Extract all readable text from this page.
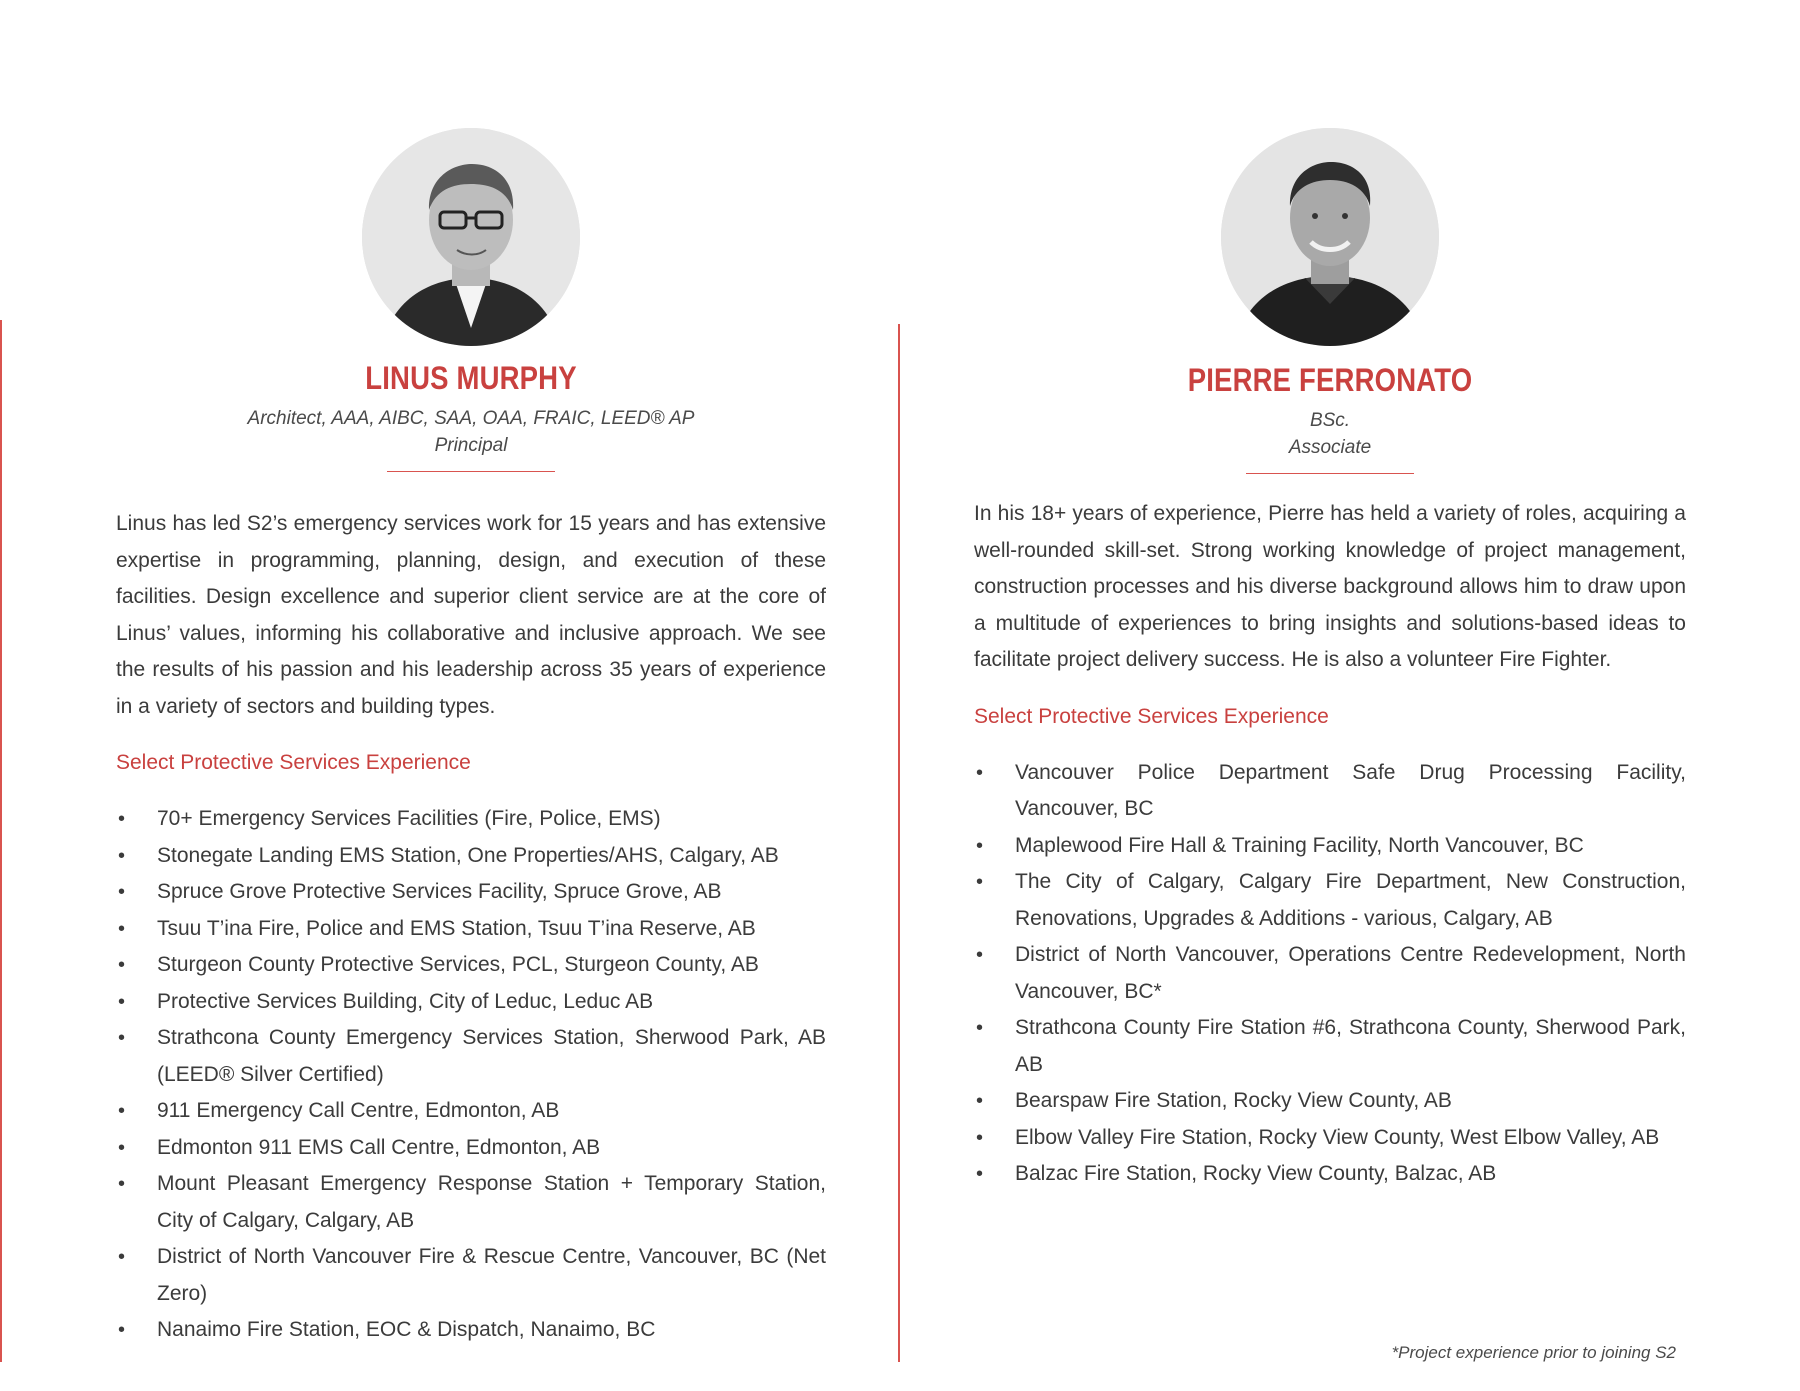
LINUS MURPHY
Architect, AAA, AIBC, SAA, OAA, FRAIC, LEED® AP
Principal
Linus has led S2’s emergency services work for 15 years and has extensive expertise in programming, planning, design, and execution of these facilities. Design excellence and superior client service are at the core of Linus’ values, informing his collaborative and inclusive approach. We see the results of his passion and his leadership across 35 years of experience in a variety of sectors and building types.
Select Protective Services Experience
• 70+ Emergency Services Facilities (Fire, Police, EMS)
• Stonegate Landing EMS Station, One Properties/AHS, Calgary, AB
• Spruce Grove Protective Services Facility, Spruce Grove, AB
• Tsuu T’ina Fire, Police and EMS Station, Tsuu T’ina Reserve, AB
• Sturgeon County Protective Services, PCL, Sturgeon County, AB
• Protective Services Building, City of Leduc, Leduc AB
• Strathcona County Emergency Services Station, Sherwood Park, AB (LEED® Silver Certified)
• 911 Emergency Call Centre, Edmonton, AB
• Edmonton 911 EMS Call Centre, Edmonton, AB
• Mount Pleasant Emergency Response Station + Temporary Station, City of Calgary, Calgary, AB
• District of North Vancouver Fire & Rescue Centre, Vancouver, BC (Net Zero)
• Nanaimo Fire Station, EOC & Dispatch, Nanaimo, BC
PIERRE FERRONATO
BSc.
Associate
In his 18+ years of experience, Pierre has held a variety of roles, acquiring a well-rounded skill-set. Strong working knowledge of project management, construction processes and his diverse background allows him to draw upon a multitude of experiences to bring insights and solutions-based ideas to facilitate project delivery success. He is also a volunteer Fire Fighter.
Select Protective Services Experience
• Vancouver Police Department Safe Drug Processing Facility, Vancouver, BC
• Maplewood Fire Hall & Training Facility, North Vancouver, BC
• The City of Calgary, Calgary Fire Department, New Construction, Renovations, Upgrades & Additions - various, Calgary, AB
• District of North Vancouver, Operations Centre Redevelopment, North Vancouver, BC*
• Strathcona County Fire Station #6, Strathcona County, Sherwood Park, AB
• Bearspaw Fire Station, Rocky View County, AB
• Elbow Valley Fire Station, Rocky View County, West Elbow Valley, AB
• Balzac Fire Station, Rocky View County, Balzac, AB
*Project experience prior to joining S2
